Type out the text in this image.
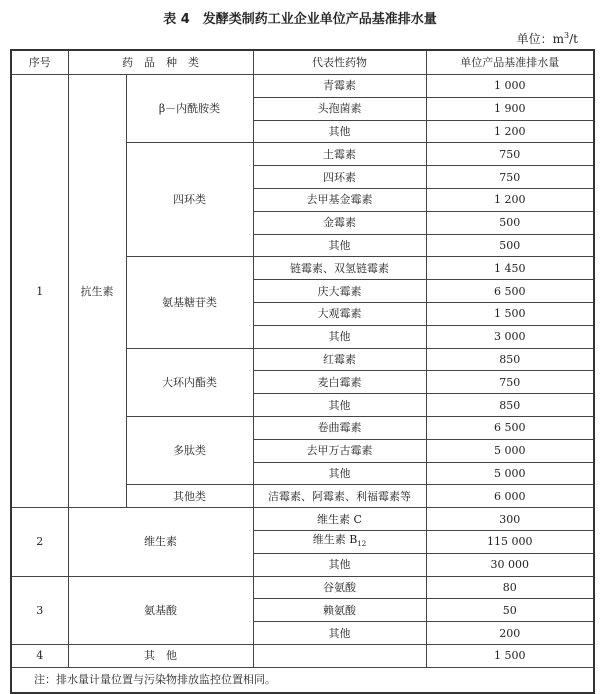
表 4　发酵类制药工业企业单位产品基准排水量
单位：$m^3/t$
序号	药　品　种　类		代表性药物	单位产品基准排水量
1	抗生素	β－内酰胺类	青霉素	1 000
			头孢菌素	1 900
			其他	1 200
		四环类	土霉素	750
			四环素	750
			去甲基金霉素	1 200
			金霉素	500
			其他	500
		氨基糖苷类	链霉素、双氢链霉素	1 450
			庆大霉素	6 500
			大观霉素	1 500
			其他	3 000
		大环内酯类	红霉素	850
			麦白霉素	750
			其他	850
		多肽类	卷曲霉素	6 500
			去甲万古霉素	5 000
			其他	5 000
		其他类	洁霉素、阿霉素、利福霉素等	6 000
2	维生素		维生素 C	300
			维生素 $B_{12}$	115 000
			其他	30 000
3	氨基酸		谷氨酸	80
			赖氨酸	50
			其他	200
4	其　他			1 500
注：排水量计量位置与污染物排放监控位置相同。				
